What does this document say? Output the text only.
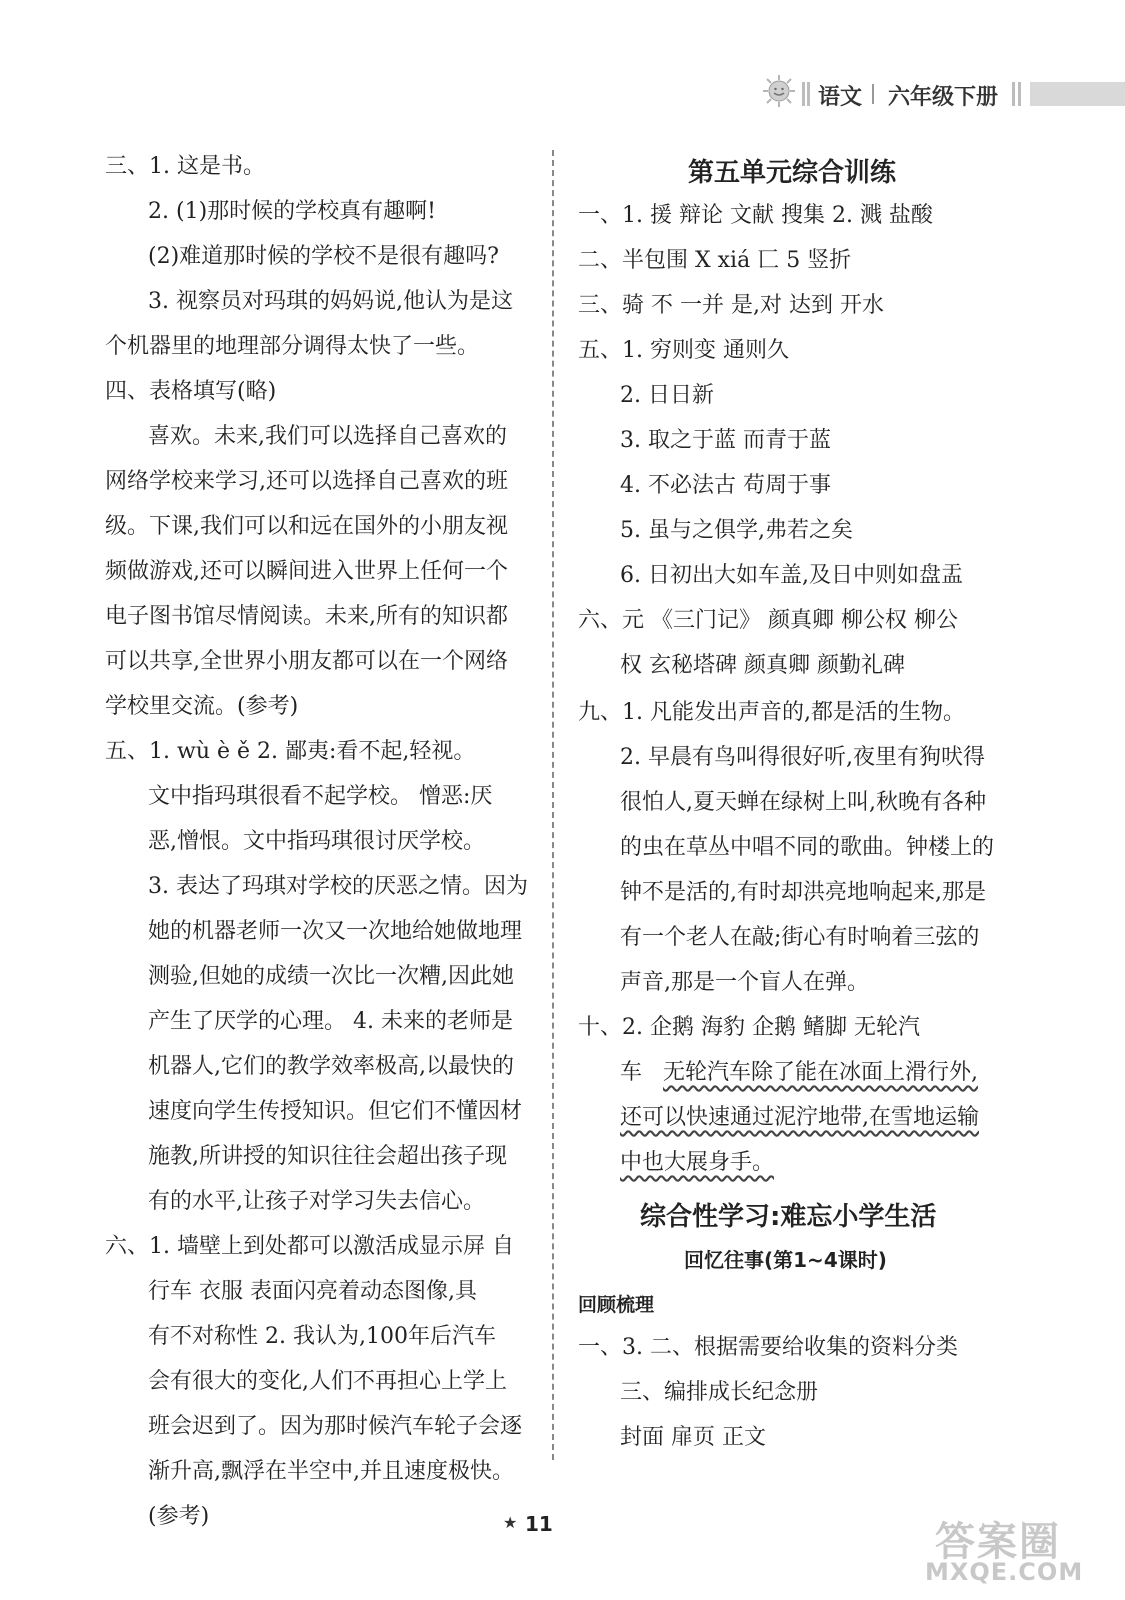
语文 六年级下册
三、1. 这是书。
2. (1)那时候的学校真有趣啊!
(2)难道那时候的学校不是很有趣吗?
3. 视察员对玛琪的妈妈说,他认为是这
个机器里的地理部分调得太快了一些。
四、表格填写(略)
喜欢。未来,我们可以选择自己喜欢的
网络学校来学习,还可以选择自己喜欢的班
级。下课,我们可以和远在国外的小朋友视
频做游戏,还可以瞬间进入世界上任何一个
电子图书馆尽情阅读。未来,所有的知识都
可以共享,全世界小朋友都可以在一个网络
学校里交流。(参考)
五、1. wù è ě 2. 鄙夷:看不起,轻视。
文中指玛琪很看不起学校。 憎恶:厌
恶,憎恨。文中指玛琪很讨厌学校。
3. 表达了玛琪对学校的厌恶之情。因为
她的机器老师一次又一次地给她做地理
测验,但她的成绩一次比一次糟,因此她
产生了厌学的心理。 4. 未来的老师是
机器人,它们的教学效率极高,以最快的
速度向学生传授知识。但它们不懂因材
施教,所讲授的知识往往会超出孩子现
有的水平,让孩子对学习失去信心。
六、1. 墙壁上到处都可以激活成显示屏 自
行车 衣服 表面闪亮着动态图像,具
有不对称性 2. 我认为,100年后汽车
会有很大的变化,人们不再担心上学上
班会迟到了。因为那时候汽车轮子会逐
渐升高,飘浮在半空中,并且速度极快。
(参考)
第五单元综合训练
一、1. 援 辩论 文献 搜集 2. 溅 盐酸
二、半包围 X xiá 匸 5 竖折
三、骑 不 一并 是,对 达到 开水
五、1. 穷则变 通则久
2. 日日新
3. 取之于蓝 而青于蓝
4. 不必法古 苟周于事
5. 虽与之俱学,弗若之矣
6. 日初出大如车盖,及日中则如盘盂
六、元 《三门记》 颜真卿 柳公权 柳公
权 玄秘塔碑 颜真卿 颜勤礼碑
九、1. 凡能发出声音的,都是活的生物。
2. 早晨有鸟叫得很好听,夜里有狗吠得
很怕人,夏天蝉在绿树上叫,秋晚有各种
的虫在草丛中唱不同的歌曲。钟楼上的
钟不是活的,有时却洪亮地响起来,那是
有一个老人在敲;街心有时响着三弦的
声音,那是一个盲人在弹。
十、2. 企鹅 海豹 企鹅 鳍脚 无轮汽
车 无轮汽车除了能在冰面上滑行外,
还可以快速通过泥泞地带,在雪地运输
中也大展身手。
综合性学习:难忘小学生活
回忆往事(第1~4课时)
回顾梳理
一、3. 二、根据需要给收集的资料分类
三、编排成长纪念册
封面 扉页 正文
★ 11	答案圈
MXQE.COM
